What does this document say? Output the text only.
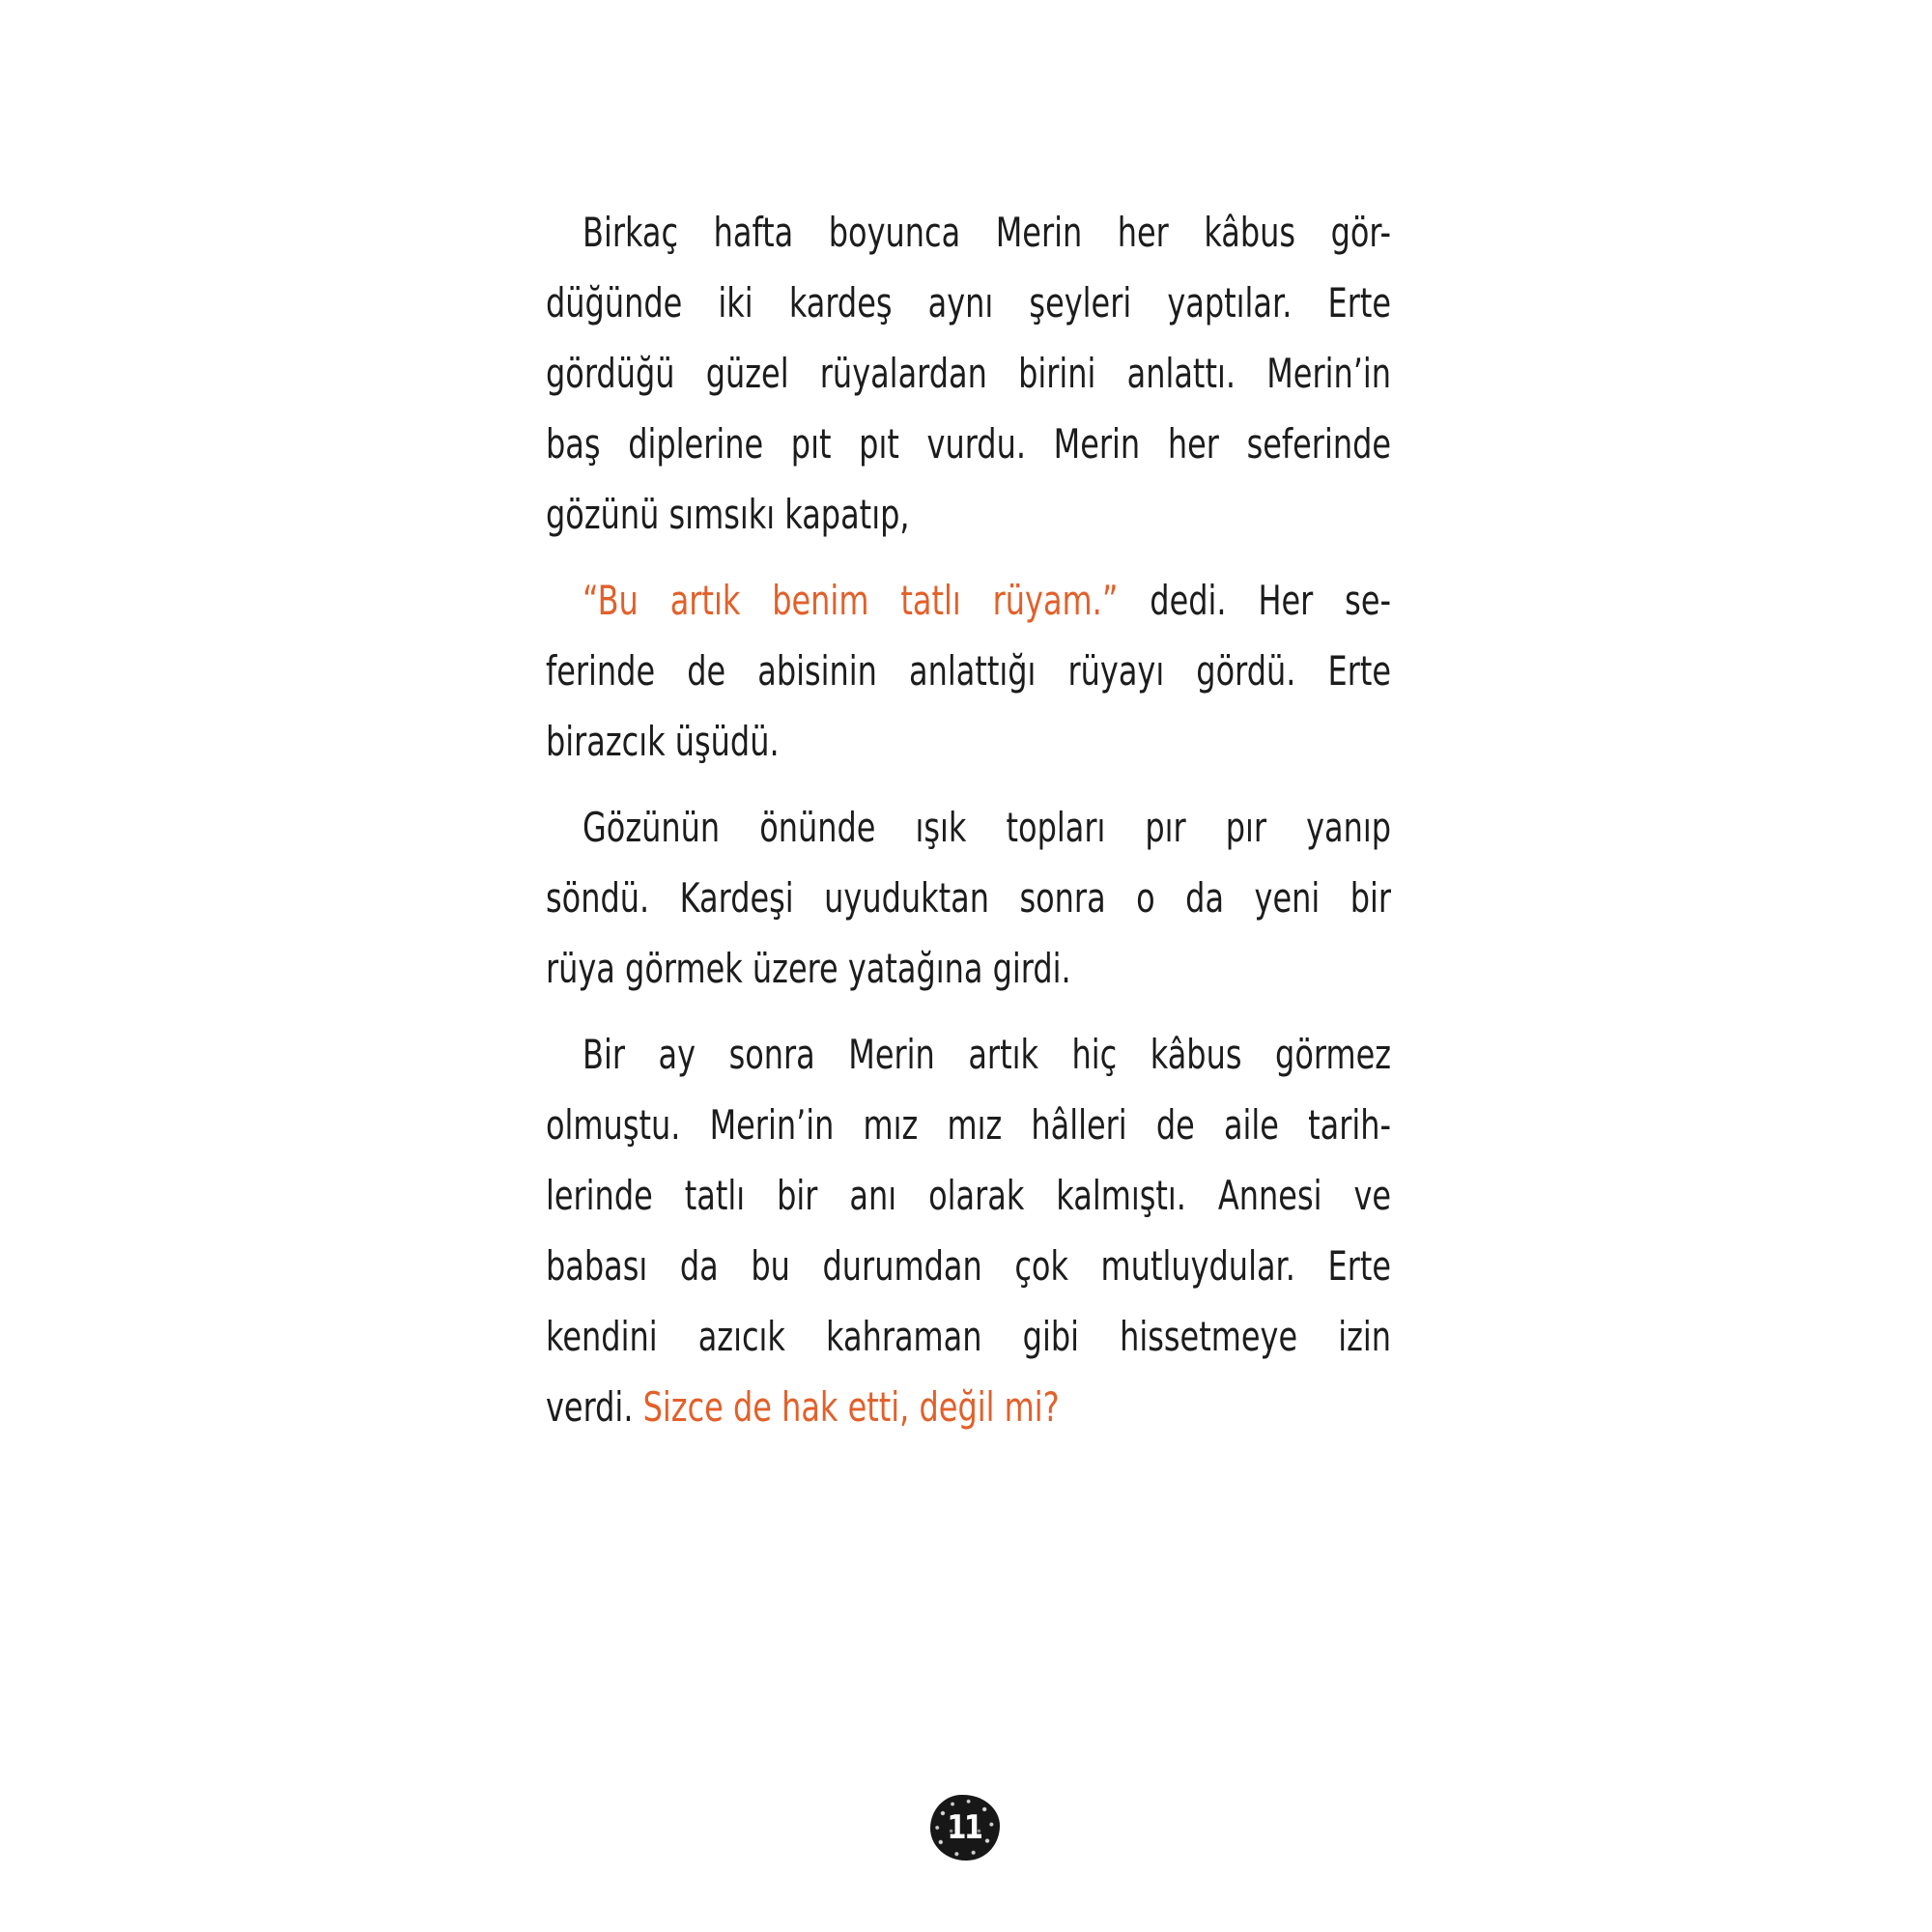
Birkaç hafta boyunca Merin her kâbus gör-
düğünde iki kardeş aynı şeyleri yaptılar. Erte
gördüğü güzel rüyalardan birini anlattı. Merin’in
baş diplerine pıt pıt vurdu. Merin her seferinde
gözünü sımsıkı kapatıp,
“Bu artık benim tatlı rüyam.” dedi. Her se-
ferinde de abisinin anlattığı rüyayı gördü. Erte
birazcık üşüdü.
Gözünün önünde ışık topları pır pır yanıp
söndü. Kardeşi uyuduktan sonra o da yeni bir
rüya görmek üzere yatağına girdi.
Bir ay sonra Merin artık hiç kâbus görmez
olmuştu. Merin’in mız mız hâlleri de aile tarih-
lerinde tatlı bir anı olarak kalmıştı. Annesi ve
babası da bu durumdan çok mutluydular. Erte
kendini azıcık kahraman gibi hissetmeye izin
verdi. Sizce de hak etti, değil mi?
11
